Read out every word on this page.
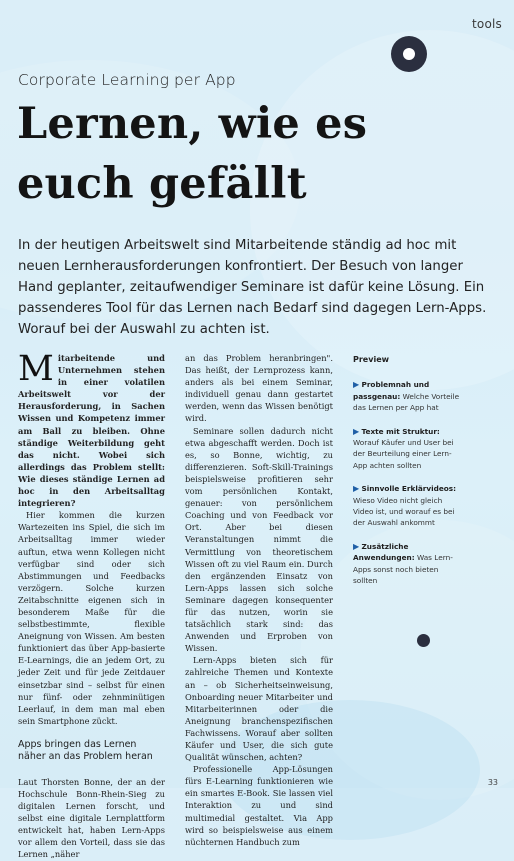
tools
Corporate Learning per App
Lernen, wie es
euch gefällt
In der heutigen Arbeitswelt sind Mitarbeitende ständig ad hoc mit neuen Lernherausforderungen konfrontiert. Der Besuch von langer Hand geplanter, zeitaufwendiger Seminare ist dafür keine Lösung. Ein passenderes Tool für das Lernen nach Bedarf sind dagegen Lern-Apps. Worauf bei der Auswahl zu achten ist.

Mitarbeitende und Unternehmen stehen in einer volatilen Arbeitswelt vor der Herausforderung, in Sachen Wissen und Kompetenz immer am Ball zu bleiben. Ohne ständige Weiterbildung geht das nicht. Wobei sich allerdings das Problem stellt: Wie dieses ständige Lernen ad hoc in den Arbeitsalltag integrieren?

Hier kommen die kurzen Wartezeiten ins Spiel, die sich im Arbeitsalltag immer wieder auftun, etwa wenn Kollegen nicht verfügbar sind oder sich Abstimmungen und Feedbacks verzögern. Solche kurzen Zeitabschnitte eigenen sich in besonderem Maße für die selbstbestimmte, flexible Aneignung von Wissen. Am besten funktioniert das über App-basierte E-Learnings, die an jedem Ort, zu jeder Zeit und für jede Zeitdauer einsetzbar sind – selbst für einen nur fünf- oder zehnminütigen Leerlauf, in dem man mal eben sein Smartphone zückt.

Apps bringen das Lernen näher an das Problem heran

Laut Thorsten Bonne, der an der Hochschule Bonn-Rhein-Sieg zu digitalen Lernen forscht, und selbst eine digitale Lernplattform entwickelt hat, haben Lern-Apps vor allem den Vorteil, dass sie das Lernen „näher

an das Problem heranbringen". Das heißt, der Lernprozess kann, anders als bei einem Seminar, individuell genau dann gestartet werden, wenn das Wissen benötigt wird.

Seminare sollen dadurch nicht etwa abgeschafft werden. Doch ist es, so Bonne, wichtig, zu differenzieren. Soft-Skill-Trainings beispielsweise profitieren sehr vom persönlichen Kontakt, genauer: von persönlichem Coaching und von Feedback vor Ort. Aber bei diesen Veranstaltungen nimmt die Vermittlung von theoretischem Wissen oft zu viel Raum ein. Durch den ergänzenden Einsatz von Lern-Apps lassen sich solche Seminare dagegen konsequenter für das nutzen, worin sie tatsächlich stark sind: das Anwenden und Erproben von Wissen.

Lern-Apps bieten sich für zahlreiche Themen und Kontexte an – ob Sicherheitseinweisung, Onboarding neuer Mitarbeiter und Mitarbeiterinnen oder die Aneignung branchenspezifischen Fachwissens. Worauf aber sollten Käufer und User, die sich gute Qualität wünschen, achten?

Professionelle App-Lösungen fürs E-Learning funktionieren wie ein smartes E-Book. Sie lassen viel Interaktion zu und sind multimedial gestaltet. Via App wird so beispielsweise aus einem nüchternen Handbuch zum

Preview
▶ Problemnah und passgenau: Welche Vorteile das Lernen per App hat
▶ Texte mit Struktur: Worauf Käufer und User bei der Beurteilung einer Lern-App achten sollten
▶ Sinnvolle Erklärvideos: Wieso Video nicht gleich Video ist, und worauf es bei der Auswahl ankommt
▶ Zusätzliche Anwendungen: Was Lern-Apps sonst noch bieten sollten
33
